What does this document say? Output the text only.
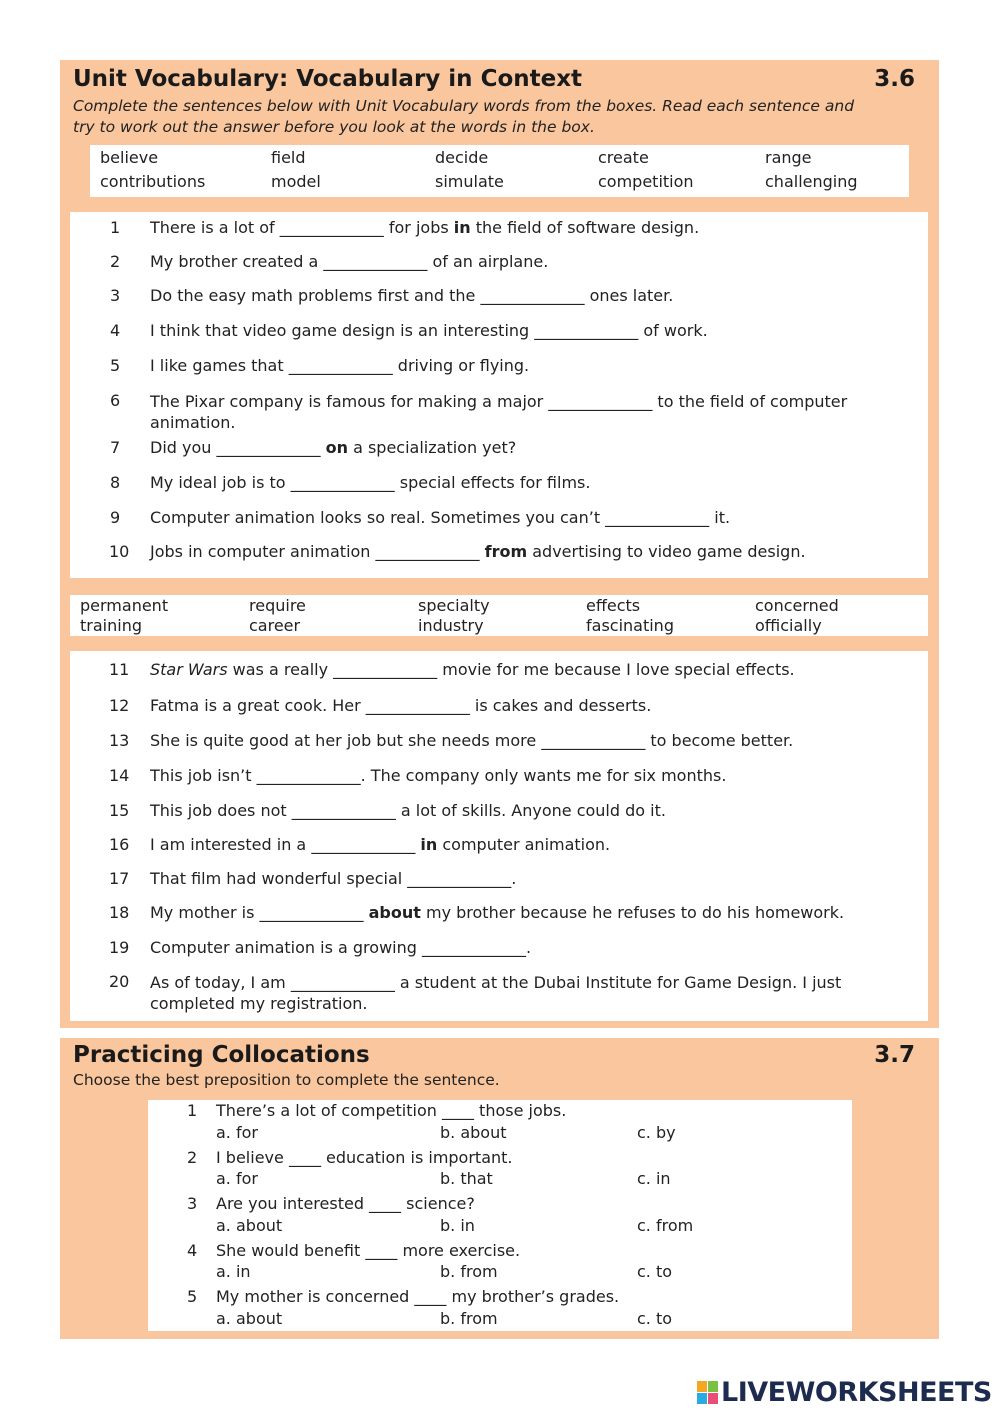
Unit Vocabulary: Vocabulary in Context	3.6
Complete the sentences below with Unit Vocabulary words from the boxes. Read each sentence and
try to work out the answer before you look at the words in the box.
believe	field	decide	create	range
contributions	model	simulate	competition	challenging
1 There is a lot of _____________ for jobs in the field of software design.
2 My brother created a _____________ of an airplane.
3 Do the easy math problems first and the _____________ ones later.
4 I think that video game design is an interesting _____________ of work.
5 I like games that _____________ driving or flying.
6 The Pixar company is famous for making a major _____________ to the field of computer animation.
7 Did you _____________ on a specialization yet?
8 My ideal job is to _____________ special effects for films.
9 Computer animation looks so real. Sometimes you can’t _____________ it.
10 Jobs in computer animation _____________ from advertising to video game design.
permanent	require	specialty	effects	concerned
training	career	industry	fascinating	officially
11 Star Wars was a really _____________ movie for me because I love special effects.
12 Fatma is a great cook. Her _____________ is cakes and desserts.
13 She is quite good at her job but she needs more _____________ to become better.
14 This job isn’t _____________. The company only wants me for six months.
15 This job does not _____________ a lot of skills. Anyone could do it.
16 I am interested in a _____________ in computer animation.
17 That film had wonderful special _____________.
18 My mother is _____________ about my brother because he refuses to do his homework.
19 Computer animation is a growing _____________.
20 As of today, I am _____________ a student at the Dubai Institute for Game Design. I just completed my registration.
Practicing Collocations	3.7
Choose the best preposition to complete the sentence.
1 There’s a lot of competition ____ those jobs.
a. for	b. about	c. by
2 I believe ____ education is important.
a. for	b. that	c. in
3 Are you interested ____ science?
a. about	b. in	c. from
4 She would benefit ____ more exercise.
a. in	b. from	c. to
5 My mother is concerned ____ my brother’s grades.
a. about	b. from	c. to
LIVEWORKSHEETS
